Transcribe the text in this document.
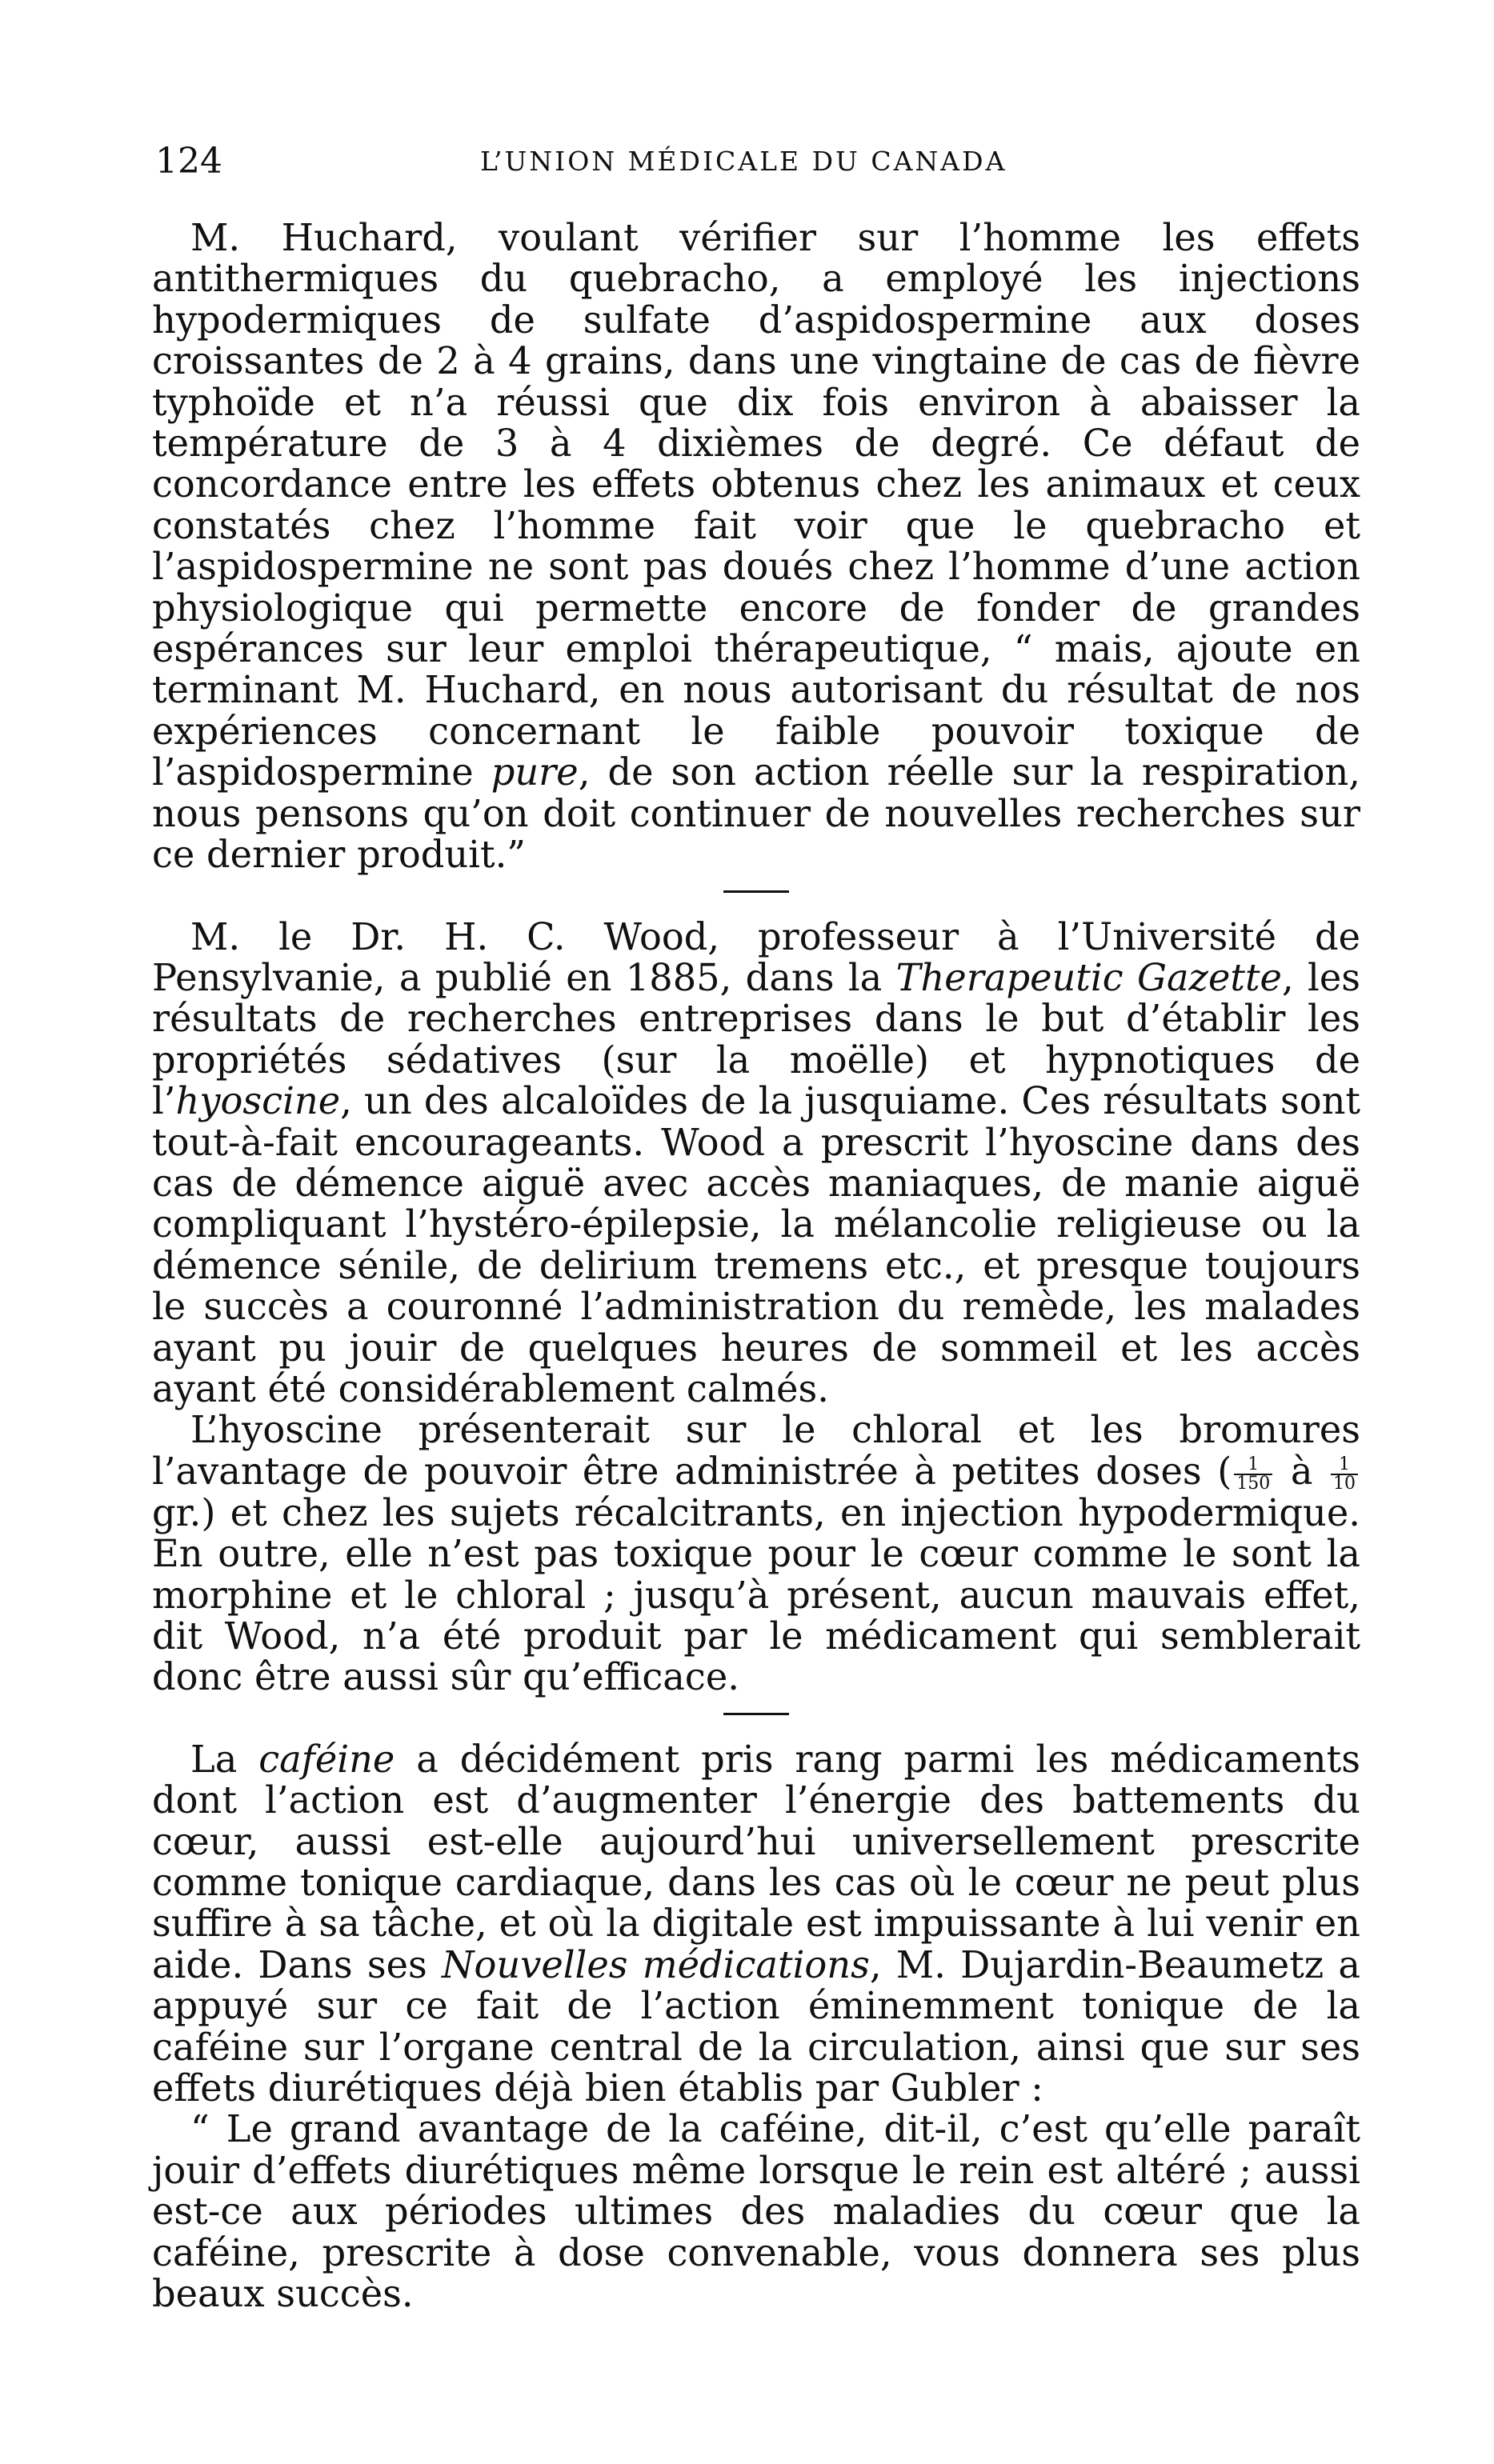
124	L’UNION MÉDICALE DU CANADA

M. Huchard, voulant vérifier sur l’homme les effets antithermiques du quebracho, a employé les injections hypodermiques de sulfate d’aspidospermine aux doses croissantes de 2 à 4 grains, dans une vingtaine de cas de fièvre typhoïde et n’a réussi que dix fois environ à abaisser la température de 3 à 4 dixièmes de degré. Ce défaut de concordance entre les effets obtenus chez les animaux et ceux constatés chez l’homme fait voir que le quebracho et l’aspidospermine ne sont pas doués chez l’homme d’une action physiologique qui permette encore de fonder de grandes espérances sur leur emploi thérapeutique, “ mais, ajoute en terminant M. Huchard, en nous autorisant du résultat de nos expériences concernant le faible pouvoir toxique de l’aspidospermine pure, de son action réelle sur la respiration, nous pensons qu’on doit continuer de nouvelles recherches sur ce dernier produit.”

M. le Dr. H. C. Wood, professeur à l’Université de Pensylvanie, a publié en 1885, dans la Therapeutic Gazette, les résultats de recherches entreprises dans le but d’établir les propriétés sédatives (sur la moëlle) et hypnotiques de l’hyoscine, un des alcaloïdes de la jusquiame. Ces résultats sont tout-à-fait encourageants. Wood a prescrit l’hyoscine dans des cas de démence aiguë avec accès maniaques, de manie aiguë compliquant l’hystéro-épilepsie, la mélancolie religieuse ou la démence sénile, de delirium tremens etc., et presque toujours le succès a couronné l’administration du remède, les malades ayant pu jouir de quelques heures de sommeil et les accès ayant été considérablement calmés.

L’hyoscine présenterait sur le chloral et les bromures l’avantage de pouvoir être administrée à petites doses ( $\frac{1}{150}$ à $\frac{1}{10}$
gr.) et chez les sujets récalcitrants, en injection hypodermique. En outre, elle n’est pas toxique pour le cœur comme le sont la morphine et le chloral ; jusqu’à présent, aucun mauvais effet, dit Wood, n’a été produit par le médicament qui semblerait donc être aussi sûr qu’efficace.

La caféine a décidément pris rang parmi les médicaments dont l’action est d’augmenter l’énergie des battements du cœur, aussi est-elle aujourd’hui universellement prescrite comme tonique cardiaque, dans les cas où le cœur ne peut plus suffire à sa tâche, et où la digitale est impuissante à lui venir en aide. Dans ses Nouvelles médications, M. Dujardin-Beaumetz a appuyé sur ce fait de l’action éminemment tonique de la caféine sur l’organe central de la circulation, ainsi que sur ses effets diurétiques déjà bien établis par Gubler :

“ Le grand avantage de la caféine, dit-il, c’est qu’elle paraît jouir d’effets diurétiques même lorsque le rein est altéré ; aussi est-ce aux périodes ultimes des maladies du cœur que la caféine, prescrite à dose convenable, vous donnera ses plus beaux succès.
